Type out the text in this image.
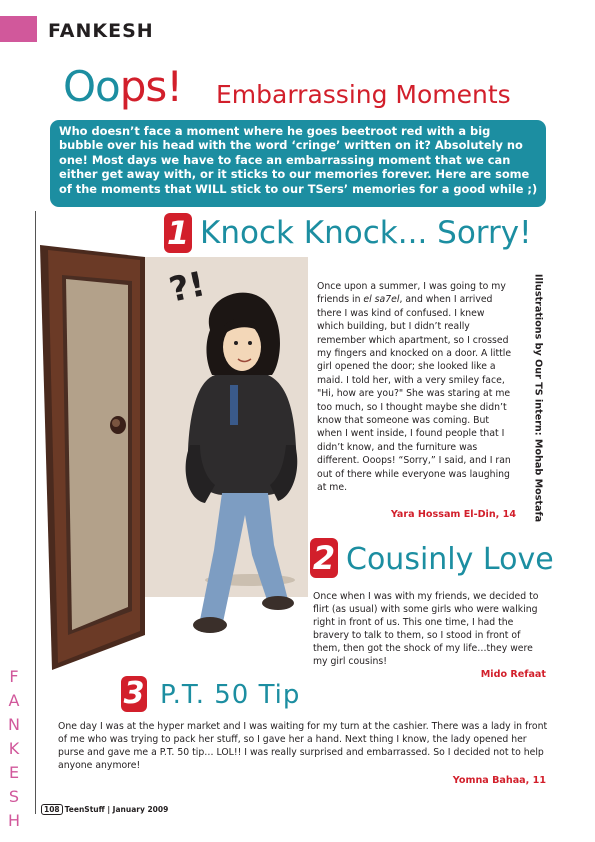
FANKESH
Oops! Embarrassing Moments
Who doesn’t face a moment where he goes beetroot red with a big bubble over his head with the word ‘cringe’ written on it? Absolutely no one! Most days we have to face an embarrassing moment that we can either get away with, or it sticks to our memories forever. Here are some of the moments that WILL stick to our TSers’ memories for a good while ;)
F
A
N
K
E
S
H
?!
1 Knock Knock... Sorry!
Once upon a summer, I was going to my friends in el sa7el, and when I arrived there I was kind of confused. I knew which building, but I didn’t really remember which apartment, so I crossed my fingers and knocked on a door. A little girl opened the door; she looked like a maid. I told her, with a very smiley face, "Hi, how are you?" She was staring at me too much, so I thought maybe she didn’t know that someone was coming. But when I went inside, I found people that I didn’t know, and the furniture was different. Ooops! “Sorry,” I said, and I ran out of there while everyone was laughing at me.	Illustrations by Our TS intern: Mohab Mostafa
Yara Hossam El-Din, 14
2 Cousinly Love
Once when I was with my friends, we decided to flirt (as usual) with some girls who were walking right in front of us. This one time, I had the bravery to talk to them, so I stood in front of them, then got the shock of my life…they were my girl cousins!
Mido Refaat
3 P.T. 50 Tip
One day I was at the hyper market and I was waiting for my turn at the cashier. There was a lady in front of me who was trying to pack her stuff, so I gave her a hand. Next thing I know, the lady opened her purse and gave me a P.T. 50 tip… LOL!! I was really surprised and embarrassed. So I decided not to help anyone anymore!
Yomna Bahaa, 11
108 TeenStuff | January 2009
